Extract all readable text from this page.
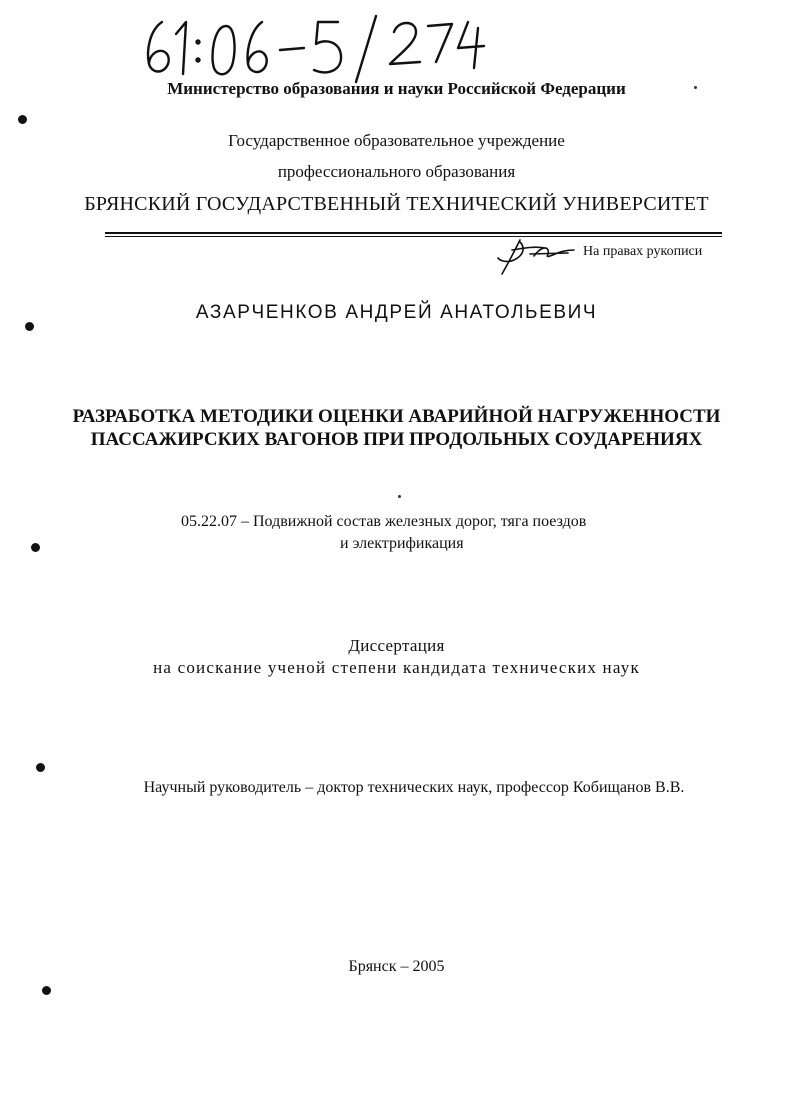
Министерство образования и науки Российской Федерации
Государственное образовательное учреждение
профессионального образования
БРЯНСКИЙ ГОСУДАРСТВЕННЫЙ ТЕХНИЧЕСКИЙ УНИВЕРСИТЕТ
На правах рукописи
АЗАРЧЕНКОВ АНДРЕЙ АНАТОЛЬЕВИЧ
РАЗРАБОТКА МЕТОДИКИ ОЦЕНКИ АВАРИЙНОЙ НАГРУЖЕННОСТИ
ПАССАЖИРСКИХ ВАГОНОВ ПРИ ПРОДОЛЬНЫХ СОУДАРЕНИЯХ
05.22.07 – Подвижной состав железных дорог, тяга поездов
и электрификация
Диссертация
на соискание ученой степени кандидата технических наук
Научный руководитель – доктор технических наук, профессор Кобищанов В.В.
Брянск – 2005
